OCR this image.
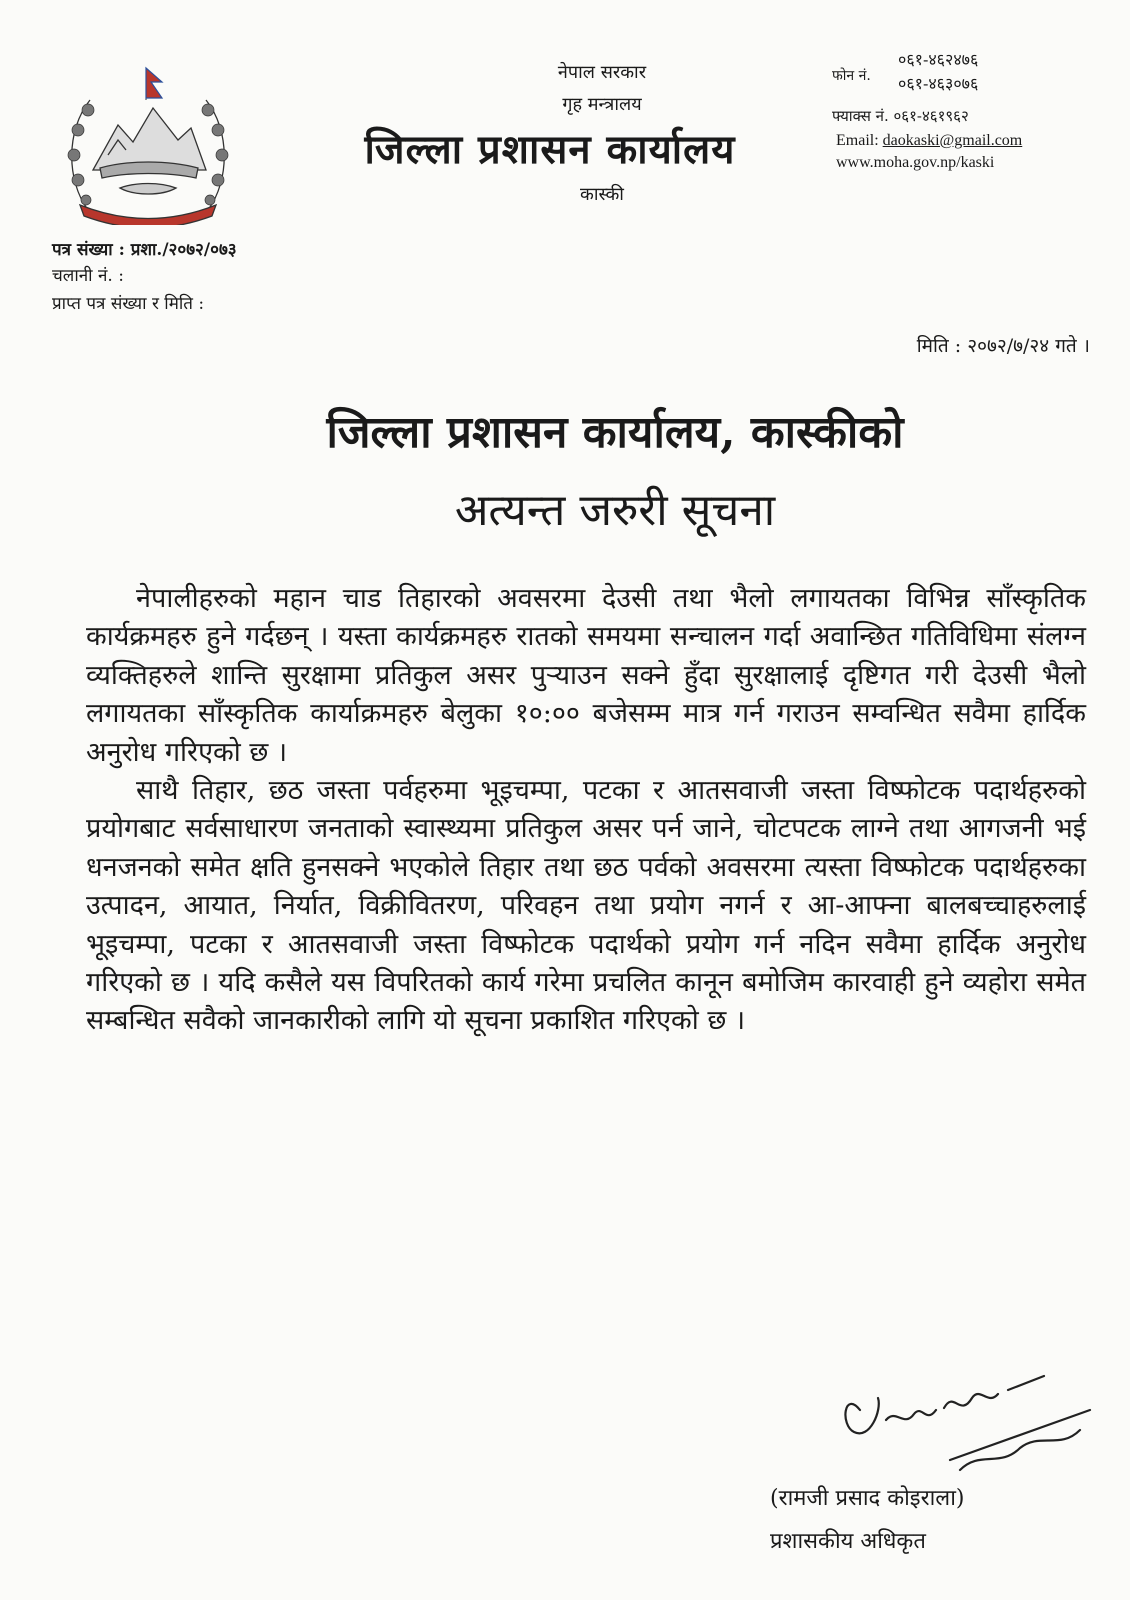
नेपाल सरकार
गृह मन्त्रालय
जिल्ला प्रशासन कार्यालय
कास्की
फोन नं.
०६१-४६२४७६
०६१-४६३०७६
फ्याक्स नं. ०६१-४६१९६२
Email: daokaski@gmail.com
www.moha.gov.np/kaski
पत्र संख्या : प्रशा./२०७२/०७३
चलानी नं. :
प्राप्त पत्र संख्या र मिति :
मिति : २०७२/७/२४ गते ।
जिल्ला प्रशासन कार्यालय, कास्कीको
अत्यन्त जरुरी सूचना

नेपालीहरुको महान चाड तिहारको अवसरमा देउसी तथा भैलो लगायतका विभिन्न साँस्कृतिक कार्यक्रमहरु हुने गर्दछन् । यस्ता कार्यक्रमहरु रातको समयमा सन्चालन गर्दा अवान्छित गतिविधिमा संलग्न व्यक्तिहरुले शान्ति सुरक्षामा प्रतिकुल असर पुऱ्याउन सक्ने हुँदा सुरक्षालाई दृष्टिगत गरी देउसी भैलो लगायतका साँस्कृतिक कार्याक्रमहरु बेलुका १०:०० बजेसम्म मात्र गर्न गराउन सम्वन्धित सवैमा हार्दिक अनुरोध गरिएको छ ।

साथै तिहार, छठ जस्ता पर्वहरुमा भूइचम्पा, पटका र आतसवाजी जस्ता विष्फोटक पदार्थहरुको प्रयोगबाट सर्वसाधारण जनताको स्वास्थ्यमा प्रतिकुल असर पर्न जाने, चोटपटक लाग्ने तथा आगजनी भई धनजनको समेत क्षति हुनसक्ने भएकोले तिहार तथा छठ पर्वको अवसरमा त्यस्ता विष्फोटक पदार्थहरुका उत्पादन, आयात, निर्यात, विक्रीवितरण, परिवहन तथा प्रयोग नगर्न र आ-आफ्ना बालबच्चाहरुलाई भूइचम्पा, पटका र आतसवाजी जस्ता विष्फोटक पदार्थको प्रयोग गर्न नदिन सवैमा हार्दिक अनुरोध गरिएको छ । यदि कसैले यस विपरितको कार्य गरेमा प्रचलित कानून बमोजिम कारवाही हुने व्यहोरा समेत सम्बन्धित सवैको जानकारीको लागि यो सूचना प्रकाशित गरिएको छ ।

(रामजी प्रसाद कोइराला)
प्रशासकीय अधिकृत
